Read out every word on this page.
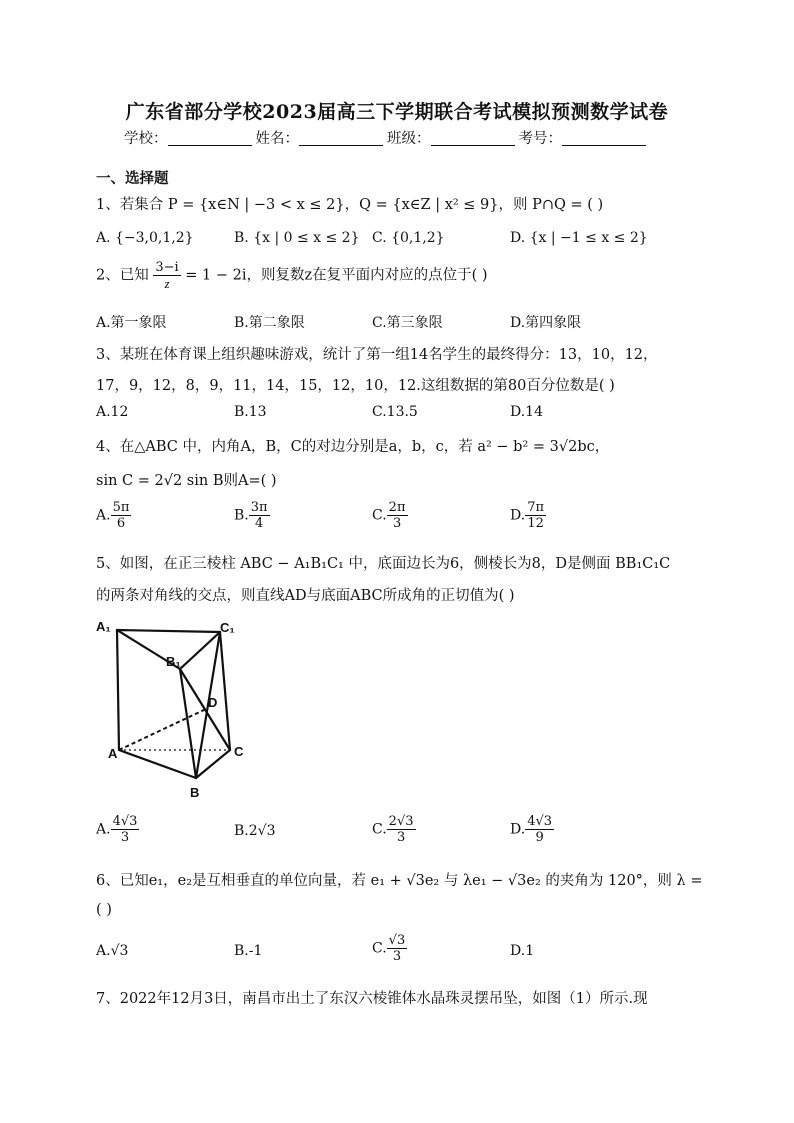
广东省部分学校2023届高三下学期联合考试模拟预测数学试卷
学校：	姓名：	班级：	考号：
一、选择题
1、若集合 P = {x∈N | −3 < x ≤ 2}，Q = {x∈Z | x² ≤ 9}，则 P∩Q = ( )
A. {−3,0,1,2}	B. {x | 0 ≤ x ≤ 2} C. {0,1,2}	D. {x | −1 ≤ x ≤ 2}
2、已知 $\frac{3-i}{z} = 1 - 2i$，则复数z在复平面内对应的点位于( )
A.第一象限	B.第二象限	C.第三象限	D.第四象限
3、某班在体育课上组织趣味游戏，统计了第一组14名学生的最终得分：13，10，12，
17，9，12，8，9，11，14，15，12，10，12.这组数据的第80百分位数是( )
A.12	B.13	C.13.5	D.14
4、在△ABC 中，内角A，B，C的对边分别是a，b，c，若 a² − b² = 3√2bc，
sin C = 2√2 sin B则A=( )
A. $\frac{5\pi}{6}$	B. $\frac{3\pi}{4}$	C. $\frac{2\pi}{3}$	D. $\frac{7\pi}{12}$
5、如图，在正三棱柱 ABC − A₁B₁C₁ 中，底面边长为6，侧棱长为8，D是侧面 BB₁C₁C
的两条对角线的交点，则直线AD与底面ABC所成角的正切值为( )
A₁	C₁
B₁
D
A	C
B
A. $\frac{4√3}{3}$	B.2√3	C. $\frac{2√3}{3}$	D. $\frac{4√3}{9}$
6、已知e₁，e₂是互相垂直的单位向量，若 e₁ + √3e₂ 与 λe₁ − √3e₂ 的夹角为 120°，则 λ =
( )
A.√3	B.-1	C. $\frac{√3}{3}$	D.1
7、2022年12月3日，南昌市出土了东汉六棱锥体水晶珠灵摆吊坠，如图（1）所示.现
